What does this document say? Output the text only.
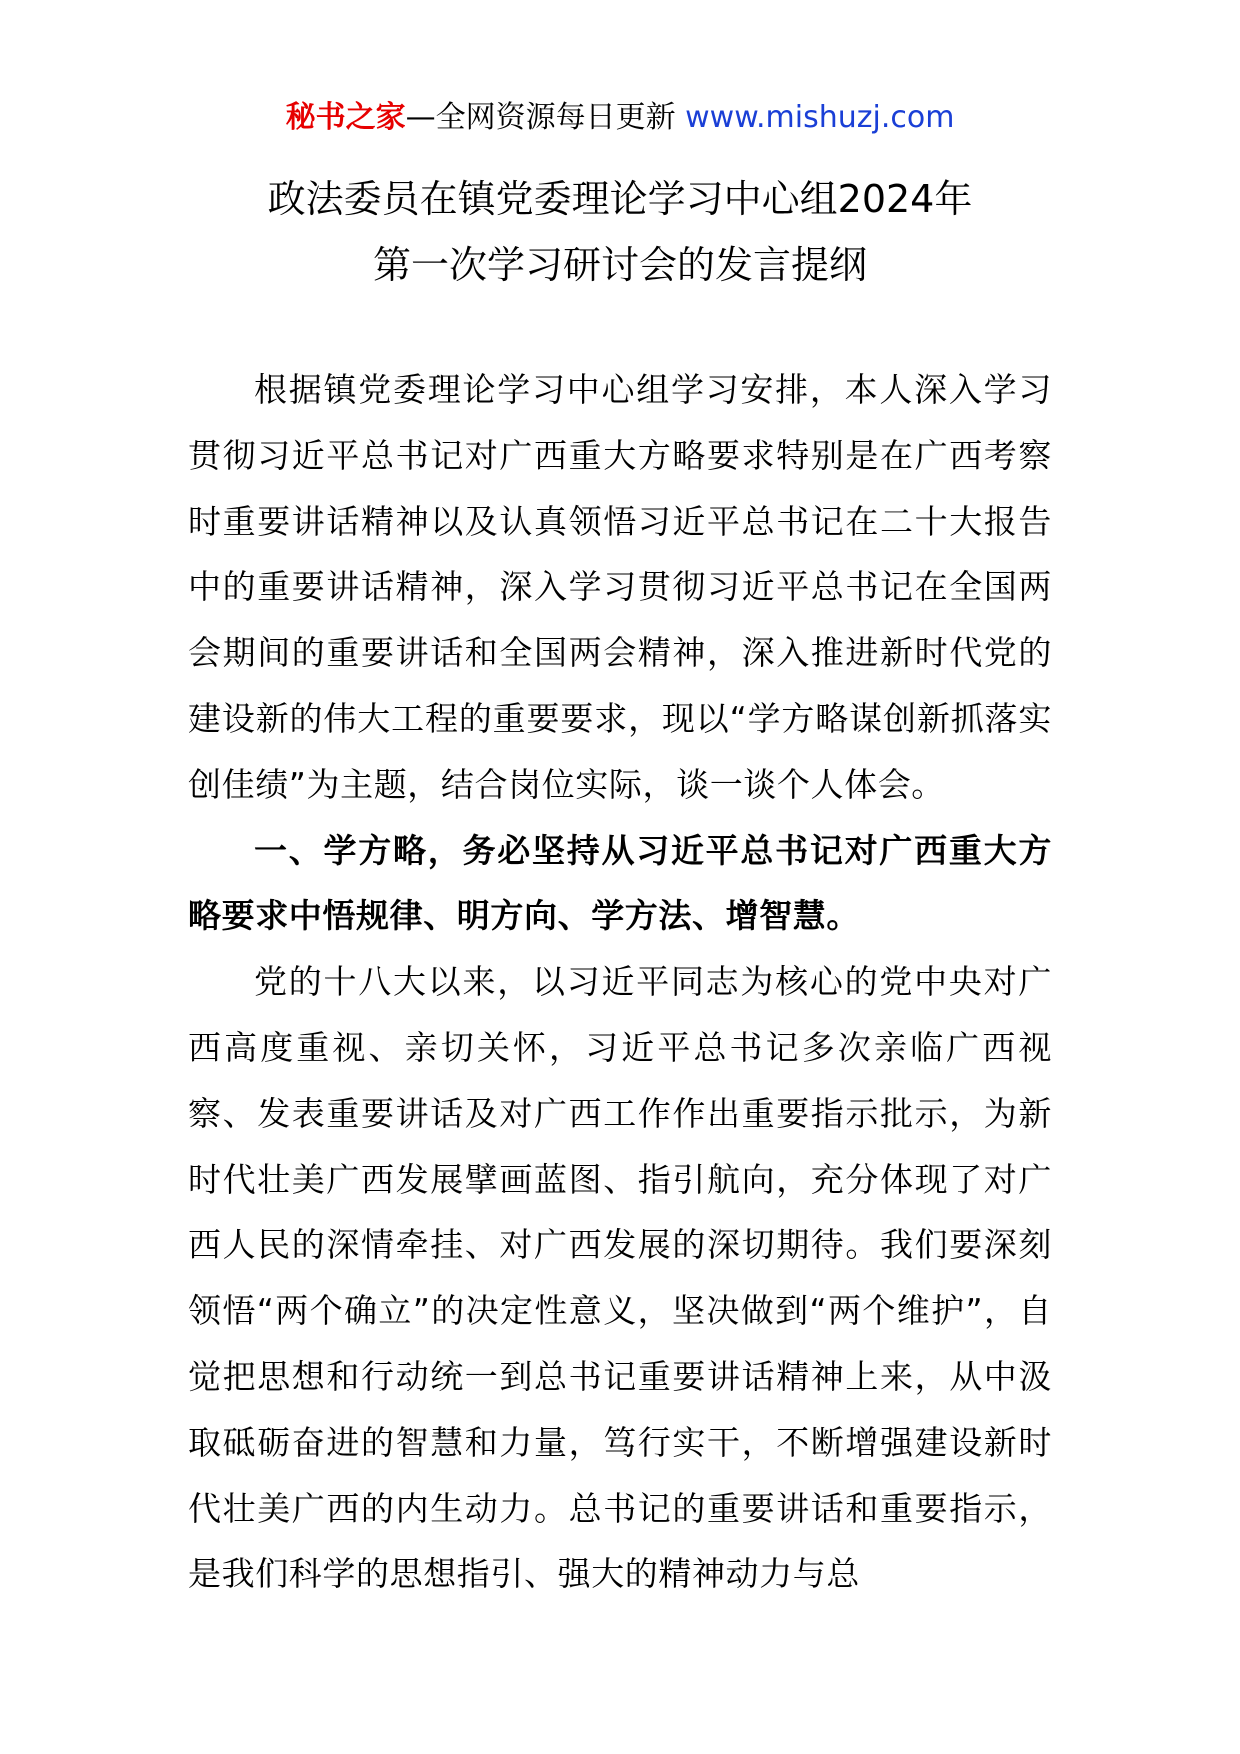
秘书之家—全网资源每日更新 www.mishuzj.com
政法委员在镇党委理论学习中心组2024年
第一次学习研讨会的发言提纲

根据镇党委理论学习中心组学习安排，本人深入学习贯彻习近平总书记对广西重大方略要求特别是在广西考察时重要讲话精神以及认真领悟习近平总书记在二十大报告中的重要讲话精神，深入学习贯彻习近平总书记在全国两会期间的重要讲话和全国两会精神，深入推进新时代党的建设新的伟大工程的重要要求，现以“学方略谋创新抓落实创佳绩”为主题，结合岗位实际，谈一谈个人体会。

一、学方略，务必坚持从习近平总书记对广西重大方略要求中悟规律、明方向、学方法、增智慧。

党的十八大以来，以习近平同志为核心的党中央对广西高度重视、亲切关怀，习近平总书记多次亲临广西视察、发表重要讲话及对广西工作作出重要指示批示，为新时代壮美广西发展擘画蓝图、指引航向，充分体现了对广西人民的深情牵挂、对广西发展的深切期待。我们要深刻领悟“两个确立”的决定性意义，坚决做到“两个维护”，自觉把思想和行动统一到总书记重要讲话精神上来，从中汲取砥砺奋进的智慧和力量，笃行实干，不断增强建设新时代壮美广西的内生动力。总书记的重要讲话和重要指示，是我们科学的思想指引、强大的精神动力与总
